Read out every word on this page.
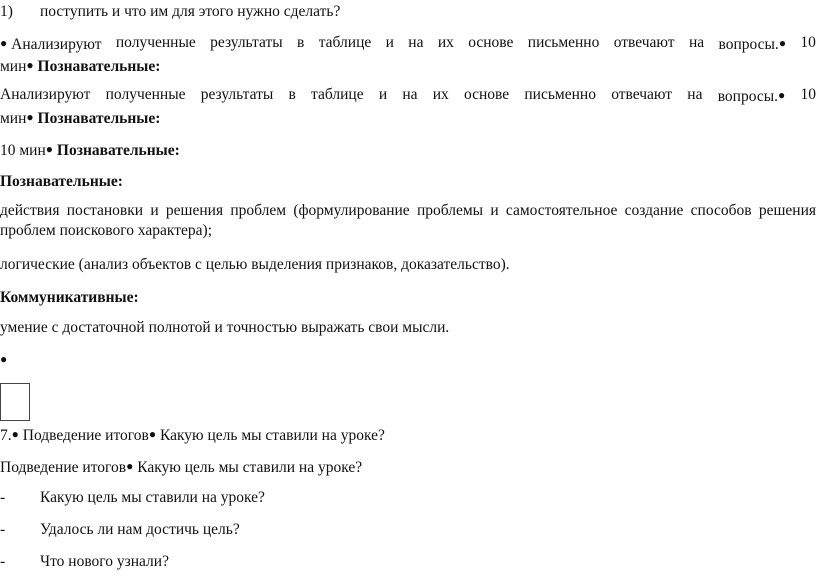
1) поступить и что им для этого нужно сделать?
● Анализируют полученные результаты в таблице и на их основе письменно отвечают на вопросы.● 10
мин● Познавательные:
Анализируют полученные результаты в таблице и на их основе письменно отвечают на вопросы.● 10
мин● Познавательные:
10 мин● Познавательные:
Познавательные:
действия постановки и решения проблем (формулирование проблемы и самостоятельное создание способов решения
проблем поискового характера);
логические (анализ объектов с целью выделения признаков, доказательство).
Коммуникативные:
умение с достаточной полнотой и точностью выражать свои мысли.
●
7.● Подведение итогов● Какую цель мы ставили на уроке?
Подведение итогов● Какую цель мы ставили на уроке?
- Какую цель мы ставили на уроке?
- Удалось ли нам достичь цель?
- Что нового узнали?
